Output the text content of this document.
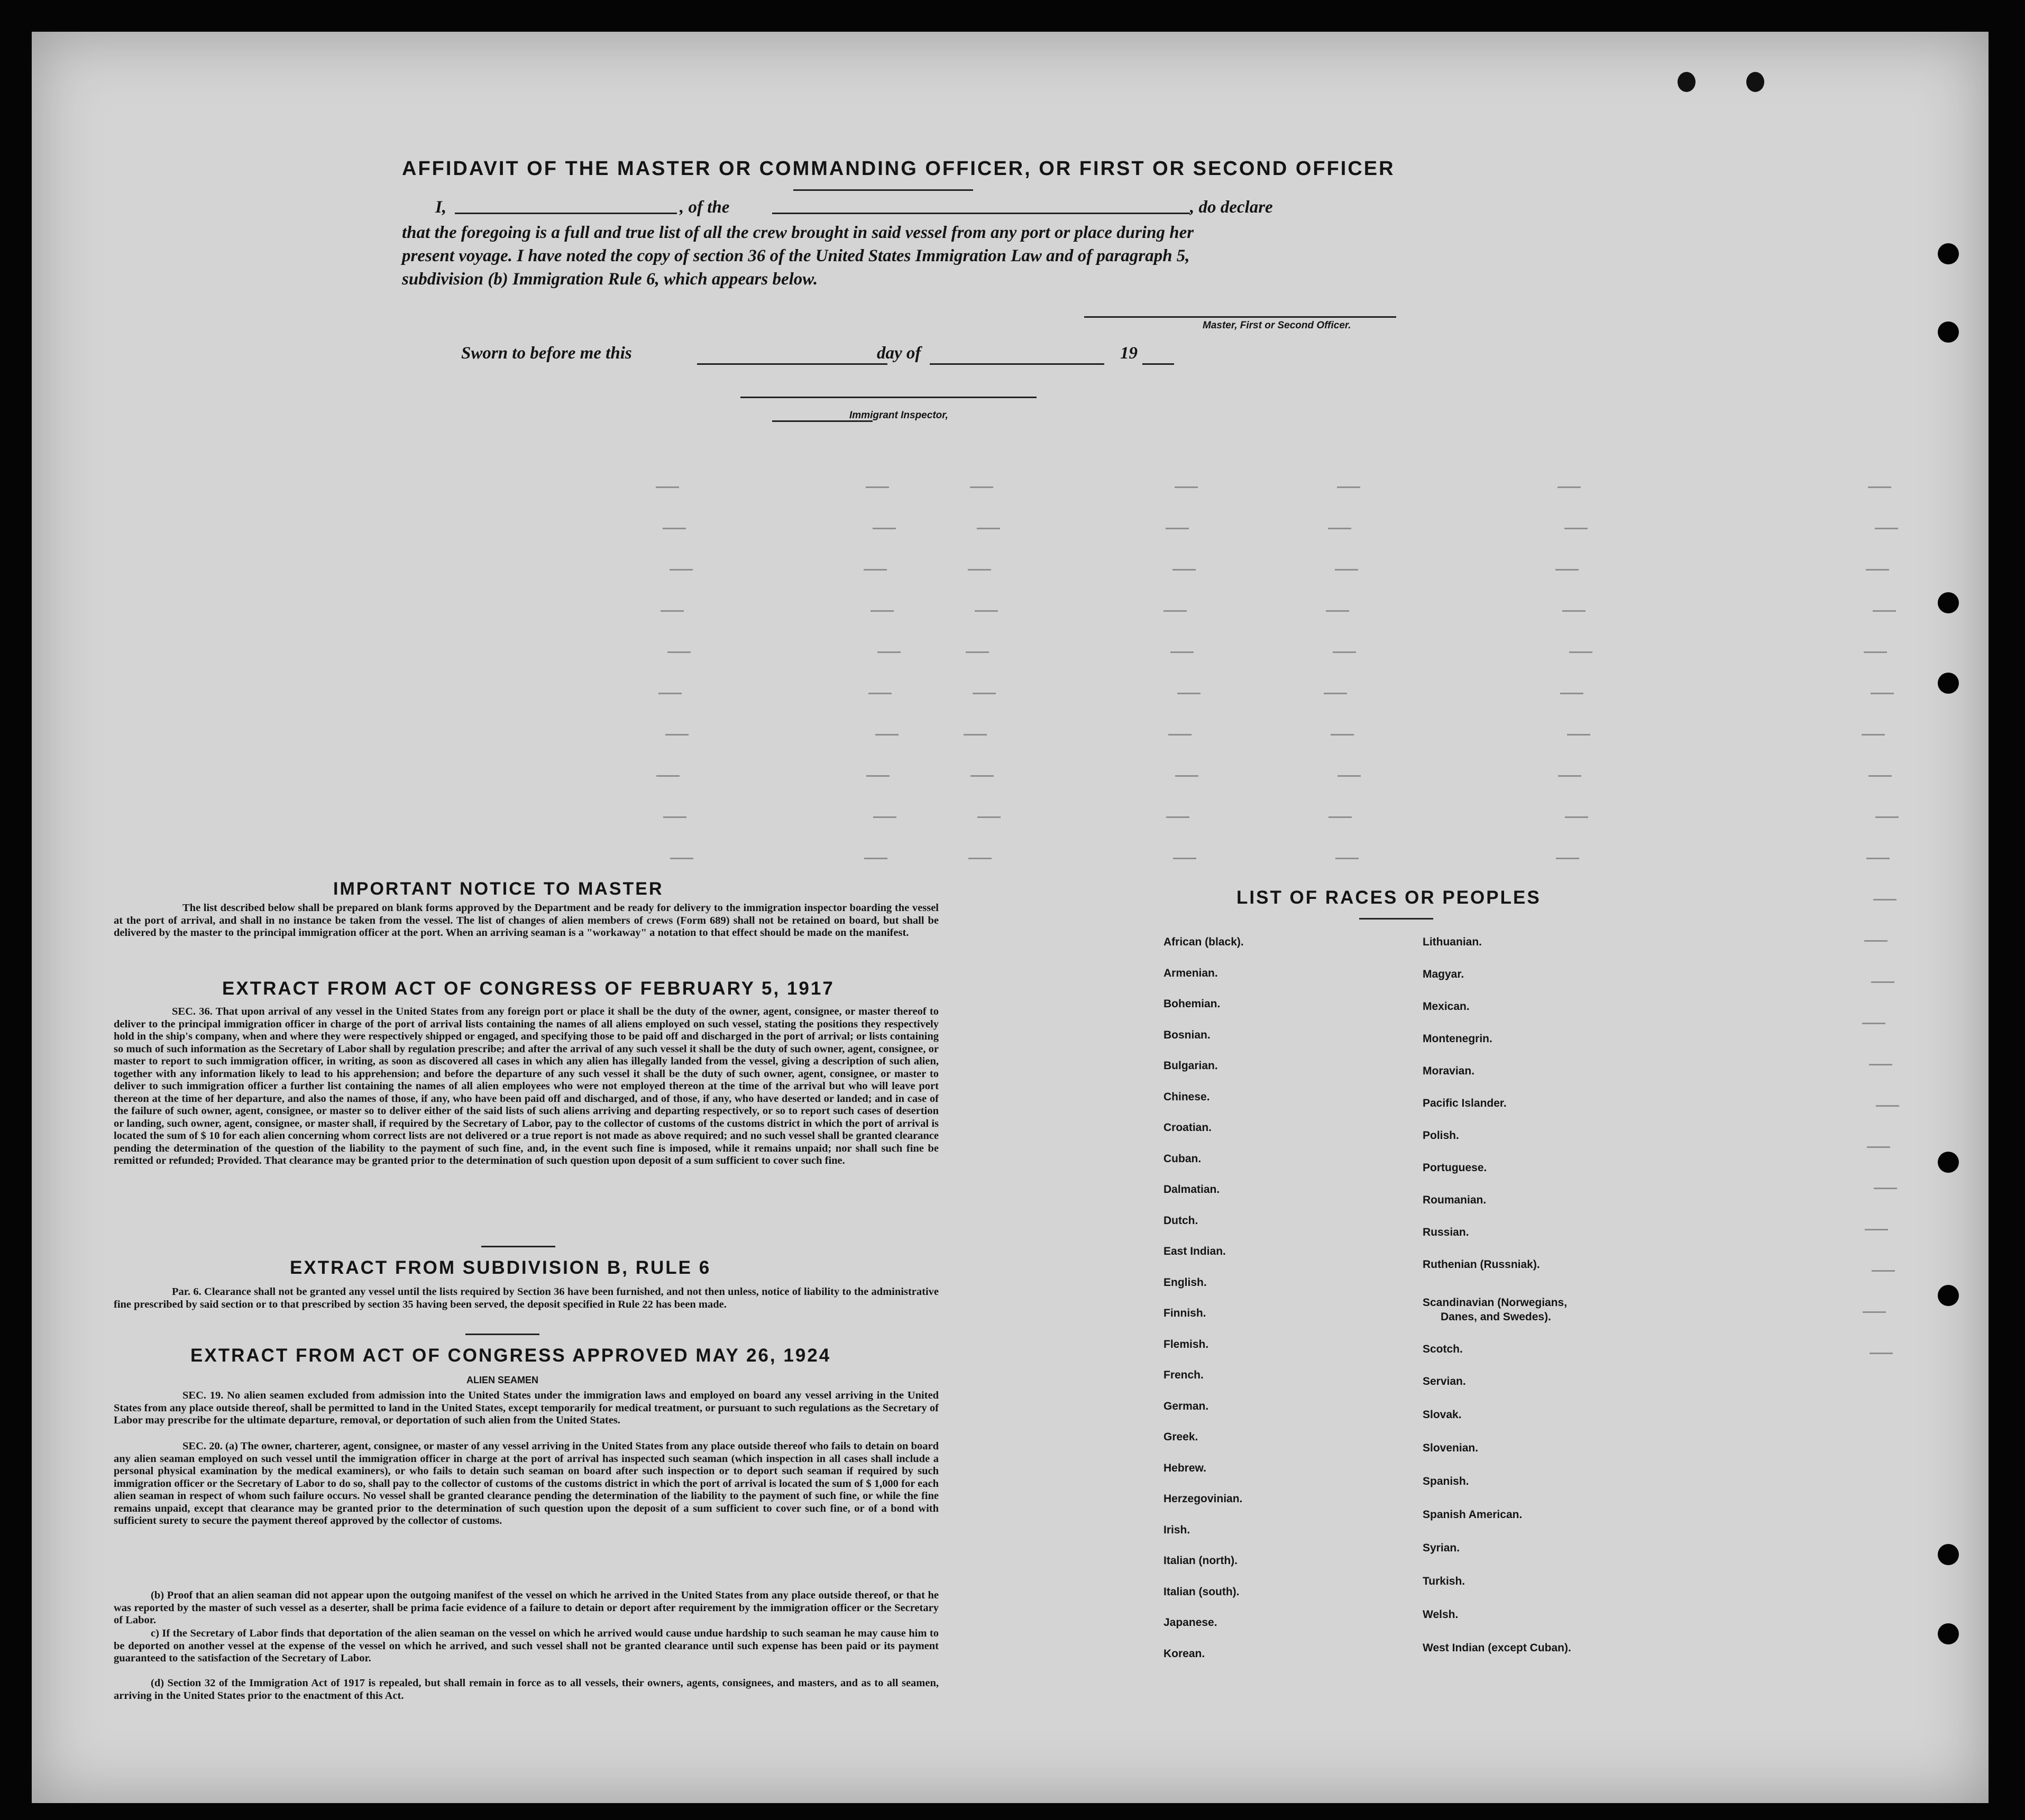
AFFIDAVIT OF THE MASTER OR COMMANDING OFFICER, OR FIRST OR SECOND OFFICER
I,	, of the	, do declare
that the foregoing is a full and true list of all the crew brought in said vessel from any port or place during her
present voyage. I have noted the copy of section 36 of the United States Immigration Law and of paragraph 5,
subdivision (b) Immigration Rule 6, which appears below.
Master, First or Second Officer.
Sworn to before me this	day of	19
Immigrant Inspector,
IMPORTANT NOTICE TO MASTER
The list described below shall be prepared on blank forms approved by the Department and be ready for delivery to the immigration inspector boarding the vessel at the port of arrival, and shall in no instance be taken from the vessel. The list of changes of alien members of crews (Form 689) shall not be retained on board, but shall be delivered by the master to the principal immigration officer at the port. When an arriving seaman is a "workaway" a notation to that effect should be made on the manifest.
EXTRACT FROM ACT OF CONGRESS OF FEBRUARY 5, 1917
SEC. 36. That upon arrival of any vessel in the United States from any foreign port or place it shall be the duty of the owner, agent, consignee, or master thereof to deliver to the principal immigration officer in charge of the port of arrival lists containing the names of all aliens employed on such vessel, stating the positions they respectively hold in the ship's company, when and where they were respectively shipped or engaged, and specifying those to be paid off and discharged in the port of arrival; or lists containing so much of such information as the Secretary of Labor shall by regulation prescribe; and after the arrival of any such vessel it shall be the duty of such owner, agent, consignee, or master to report to such immigration officer, in writing, as soon as discovered all cases in which any alien has illegally landed from the vessel, giving a description of such alien, together with any information likely to lead to his apprehension; and before the departure of any such vessel it shall be the duty of such owner, agent, consignee, or master to deliver to such immigration officer a further list containing the names of all alien employees who were not employed thereon at the time of the arrival but who will leave port thereon at the time of her departure, and also the names of those, if any, who have been paid off and discharged, and of those, if any, who have deserted or landed; and in case of the failure of such owner, agent, consignee, or master so to deliver either of the said lists of such aliens arriving and departing respectively, or so to report such cases of desertion or landing, such owner, agent, consignee, or master shall, if required by the Secretary of Labor, pay to the collector of customs of the customs district in which the port of arrival is located the sum of $ 10 for each alien concerning whom correct lists are not delivered or a true report is not made as above required; and no such vessel shall be granted clearance pending the determination of the question of the liability to the payment of such fine, and, in the event such fine is imposed, while it remains unpaid; nor shall such fine be remitted or refunded; Provided. That clearance may be granted prior to the determination of such question upon deposit of a sum sufficient to cover such fine.
EXTRACT FROM SUBDIVISION B, RULE 6
Par. 6. Clearance shall not be granted any vessel until the lists required by Section 36 have been furnished, and not then unless, notice of liability to the administrative fine prescribed by said section or to that prescribed by section 35 having been served, the deposit specified in Rule 22 has been made.
EXTRACT FROM ACT OF CONGRESS APPROVED MAY 26, 1924
ALIEN SEAMEN
SEC. 19. No alien seamen excluded from admission into the United States under the immigration laws and employed on board any vessel arriving in the United States from any place outside thereof, shall be permitted to land in the United States, except temporarily for medical treatment, or pursuant to such regulations as the Secretary of Labor may prescribe for the ultimate departure, removal, or deportation of such alien from the United States.
SEC. 20. (a) The owner, charterer, agent, consignee, or master of any vessel arriving in the United States from any place outside thereof who fails to detain on board any alien seaman employed on such vessel until the immigration officer in charge at the port of arrival has inspected such seaman (which inspection in all cases shall include a personal physical examination by the medical examiners), or who fails to detain such seaman on board after such inspection or to deport such seaman if required by such immigration officer or the Secretary of Labor to do so, shall pay to the collector of customs of the customs district in which the port of arrival is located the sum of $ 1,000 for each alien seaman in respect of whom such failure occurs. No vessel shall be granted clearance pending the determination of the liability to the payment of such fine, or while the fine remains unpaid, except that clearance may be granted prior to the determination of such question upon the deposit of a sum sufficient to cover such fine, or of a bond with sufficient surety to secure the payment thereof approved by the collector of customs.
(b) Proof that an alien seaman did not appear upon the outgoing manifest of the vessel on which he arrived in the United States from any place outside thereof, or that he was reported by the master of such vessel as a deserter, shall be prima facie evidence of a failure to detain or deport after requirement by the immigration officer or the Secretary of Labor.
c) If the Secretary of Labor finds that deportation of the alien seaman on the vessel on which he arrived would cause undue hardship to such seaman he may cause him to be deported on another vessel at the expense of the vessel on which he arrived, and such vessel shall not be granted clearance until such expense has been paid or its payment guaranteed to the satisfaction of the Secretary of Labor.
(d) Section 32 of the Immigration Act of 1917 is repealed, but shall remain in force as to all vessels, their owners, agents, consignees, and masters, and as to all seamen, arriving in the United States prior to the enactment of this Act.
LIST OF RACES OR PEOPLES
African (black).
Armenian.
Bohemian.
Bosnian.
Bulgarian.
Chinese.
Croatian.
Cuban.
Dalmatian.
Dutch.
East Indian.
English.
Finnish.
Flemish.
French.
German.
Greek.
Hebrew.
Herzegovinian.
Irish.
Italian (north).
Italian (south).
Japanese.
Korean.
Lithuanian.
Magyar.
Mexican.
Montenegrin.
Moravian.
Pacific Islander.
Polish.
Portuguese.
Roumanian.
Russian.
Ruthenian (Russniak).
Scandinavian (Norwegians,
Danes, and Swedes).
Scotch.
Servian.
Slovak.
Slovenian.
Spanish.
Spanish American.
Syrian.
Turkish.
Welsh.
West Indian (except Cuban).
